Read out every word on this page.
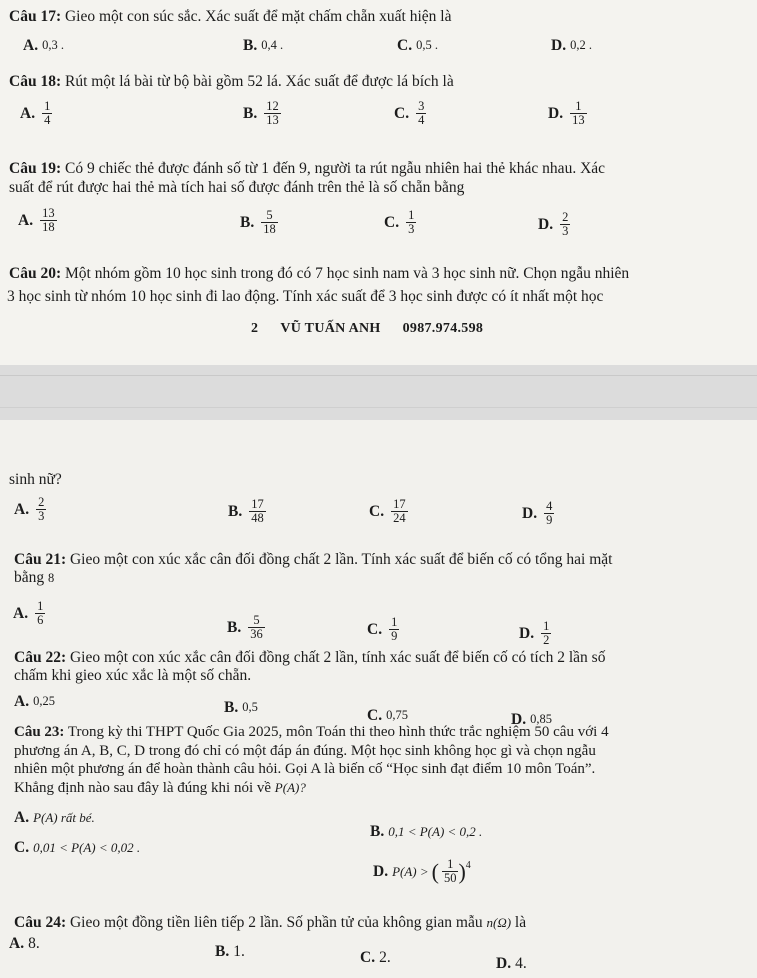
Câu 17: Gieo một con súc sắc. Xác suất để mặt chấm chẵn xuất hiện là
A. 0,3 .	B. 0,4 .	C. 0,5 .	D. 0,2 .
Câu 18: Rút một lá bài từ bộ bài gồm 52 lá. Xác suất để được lá bích là
A. $\frac{1}{4}$	B. $\frac{12}{13}$	C. $\frac{3}{4}$	D. $\frac{1}{13}$
Câu 19: Có 9 chiếc thẻ được đánh số từ 1 đến 9, người ta rút ngẫu nhiên hai thẻ khác nhau. Xác
suất để rút được hai thẻ mà tích hai số được đánh trên thẻ là số chẵn bằng
A. $\frac{13}{18}$	B. $\frac{5}{18}$	C. $\frac{1}{3}$	D. $\frac{2}{3}$
Câu 20: Một nhóm gồm 10 học sinh trong đó có 7 học sinh nam và 3 học sinh nữ. Chọn ngẫu nhiên
3 học sinh từ nhóm 10 học sinh đi lao động. Tính xác suất để 3 học sinh được có ít nhất một học
2 VŨ TUẤN ANH 0987.974.598
sinh nữ?
A. $\frac{2}{3}$	B. $\frac{17}{48}$	C. $\frac{17}{24}$	D. $\frac{4}{9}$
Câu 21: Gieo một con xúc xắc cân đối đồng chất 2 lần. Tính xác suất để biến cố có tổng hai mặt
bằng 8
A. $\frac{1}{6}$
B. $\frac{5}{36}$	C. $\frac{1}{9}$	D. $\frac{1}{2}$
Câu 22: Gieo một con xúc xắc cân đối đồng chất 2 lần, tính xác suất để biến cố có tích 2 lần số
chấm khi gieo xúc xắc là một số chẵn.
A. 0,25	B. 0,5	C. 0,75	D. 0,85
Câu 23: Trong kỳ thi THPT Quốc Gia 2025, môn Toán thi theo hình thức trắc nghiệm 50 câu với 4
phương án A, B, C, D trong đó chỉ có một đáp án đúng. Một học sinh không học gì và chọn ngẫu
nhiên một phương án để hoàn thành câu hỏi. Gọi A là biến cố “Học sinh đạt điểm 10 môn Toán”.
Khẳng định nào sau đây là đúng khi nói về P(A)?
A. P(A) rất bé.
B. 0,1 < P(A) < 0,2 .
C. 0,01 < P(A) < 0,02 .
D. P(A) > ( $\frac{1}{50}$ ) 4
Câu 24: Gieo một đồng tiền liên tiếp 2 lần. Số phần tử của không gian mẫu n(Ω) là
A. 8.	B. 1.	C. 2.	D. 4.
